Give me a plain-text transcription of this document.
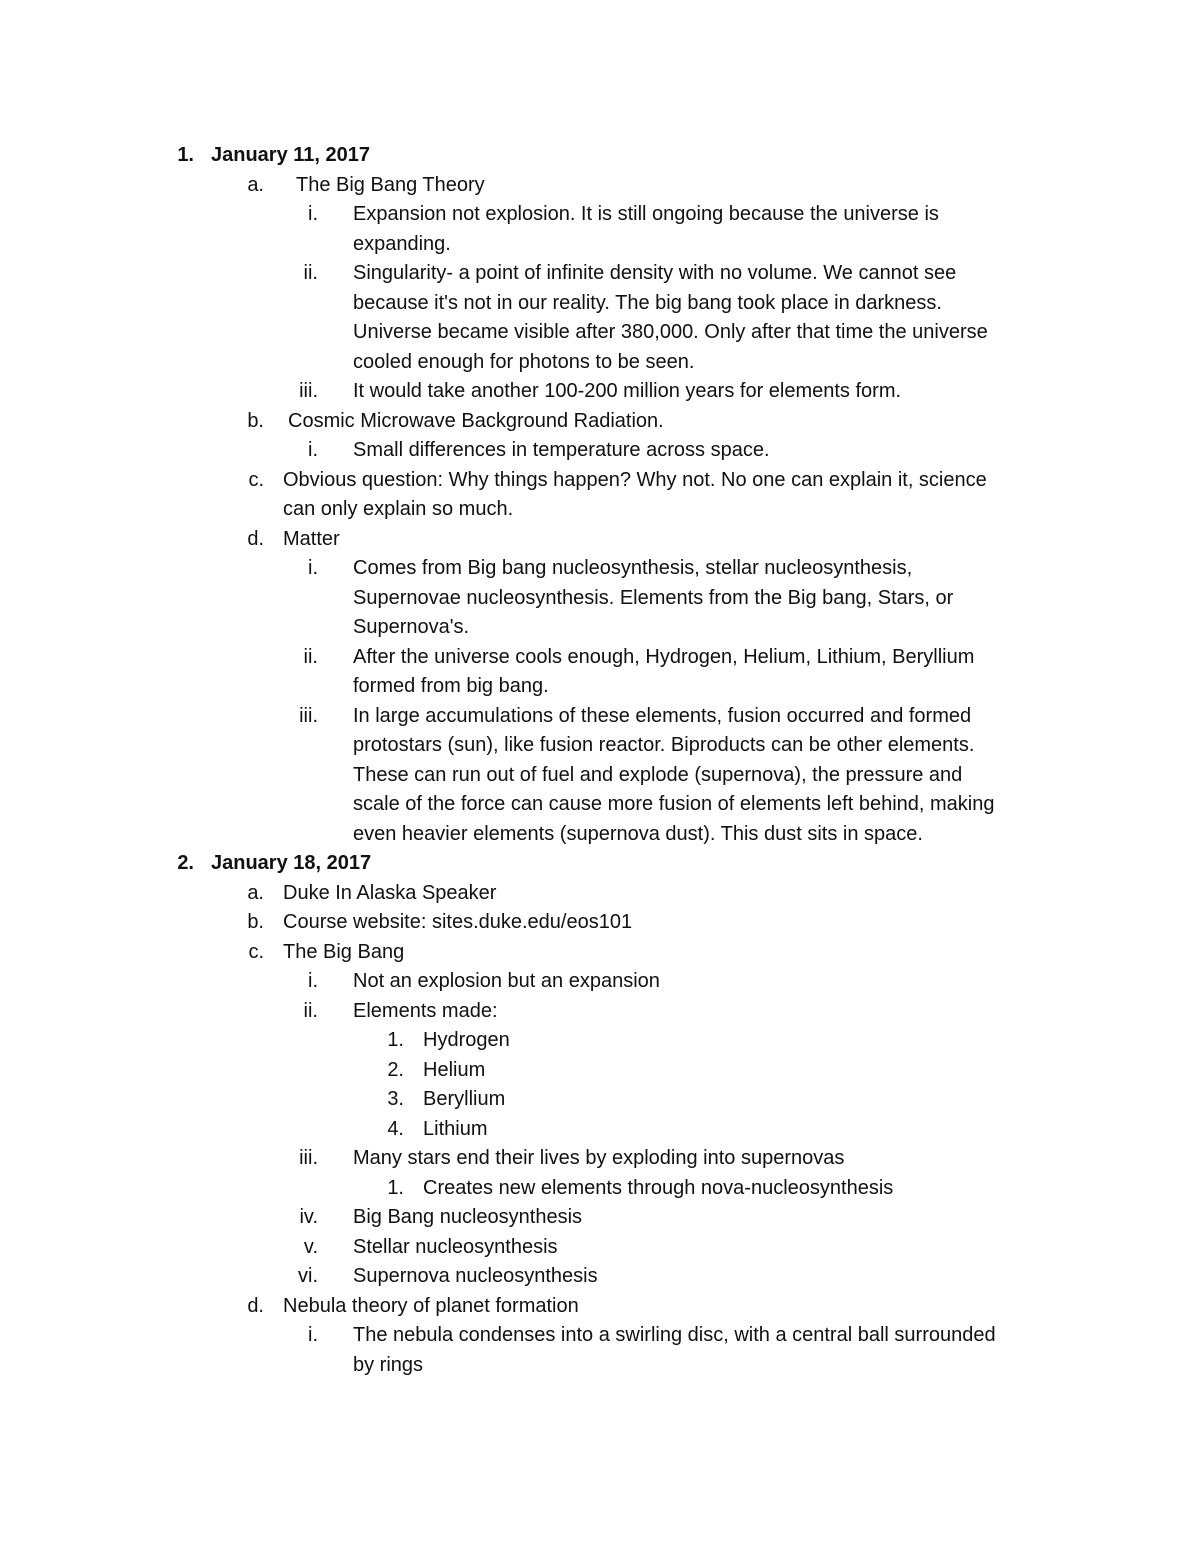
1. January 11, 2017
a. The Big Bang Theory
i. Expansion not explosion. It is still ongoing because the universe is
expanding.
ii. Singularity- a point of infinite density with no volume. We cannot see
because it's not in our reality. The big bang took place in darkness.
Universe became visible after 380,000. Only after that time the universe
cooled enough for photons to be seen.
iii. It would take another 100-200 million years for elements form.
b. Cosmic Microwave Background Radiation.
i. Small differences in temperature across space.
c. Obvious question: Why things happen? Why not. No one can explain it, science
can only explain so much.
d. Matter
i. Comes from Big bang nucleosynthesis, stellar nucleosynthesis,
Supernovae nucleosynthesis. Elements from the Big bang, Stars, or
Supernova's.
ii. After the universe cools enough, Hydrogen, Helium, Lithium, Beryllium
formed from big bang.
iii. In large accumulations of these elements, fusion occurred and formed
protostars (sun), like fusion reactor. Biproducts can be other elements.
These can run out of fuel and explode (supernova), the pressure and
scale of the force can cause more fusion of elements left behind, making
even heavier elements (supernova dust). This dust sits in space.
2. January 18, 2017
a. Duke In Alaska Speaker
b. Course website: sites.duke.edu/eos101
c. The Big Bang
i. Not an explosion but an expansion
ii. Elements made:
1. Hydrogen
2. Helium
3. Beryllium
4. Lithium
iii. Many stars end their lives by exploding into supernovas
1. Creates new elements through nova-nucleosynthesis
iv. Big Bang nucleosynthesis
v. Stellar nucleosynthesis
vi. Supernova nucleosynthesis
d. Nebula theory of planet formation
i. The nebula condenses into a swirling disc, with a central ball surrounded
by rings
